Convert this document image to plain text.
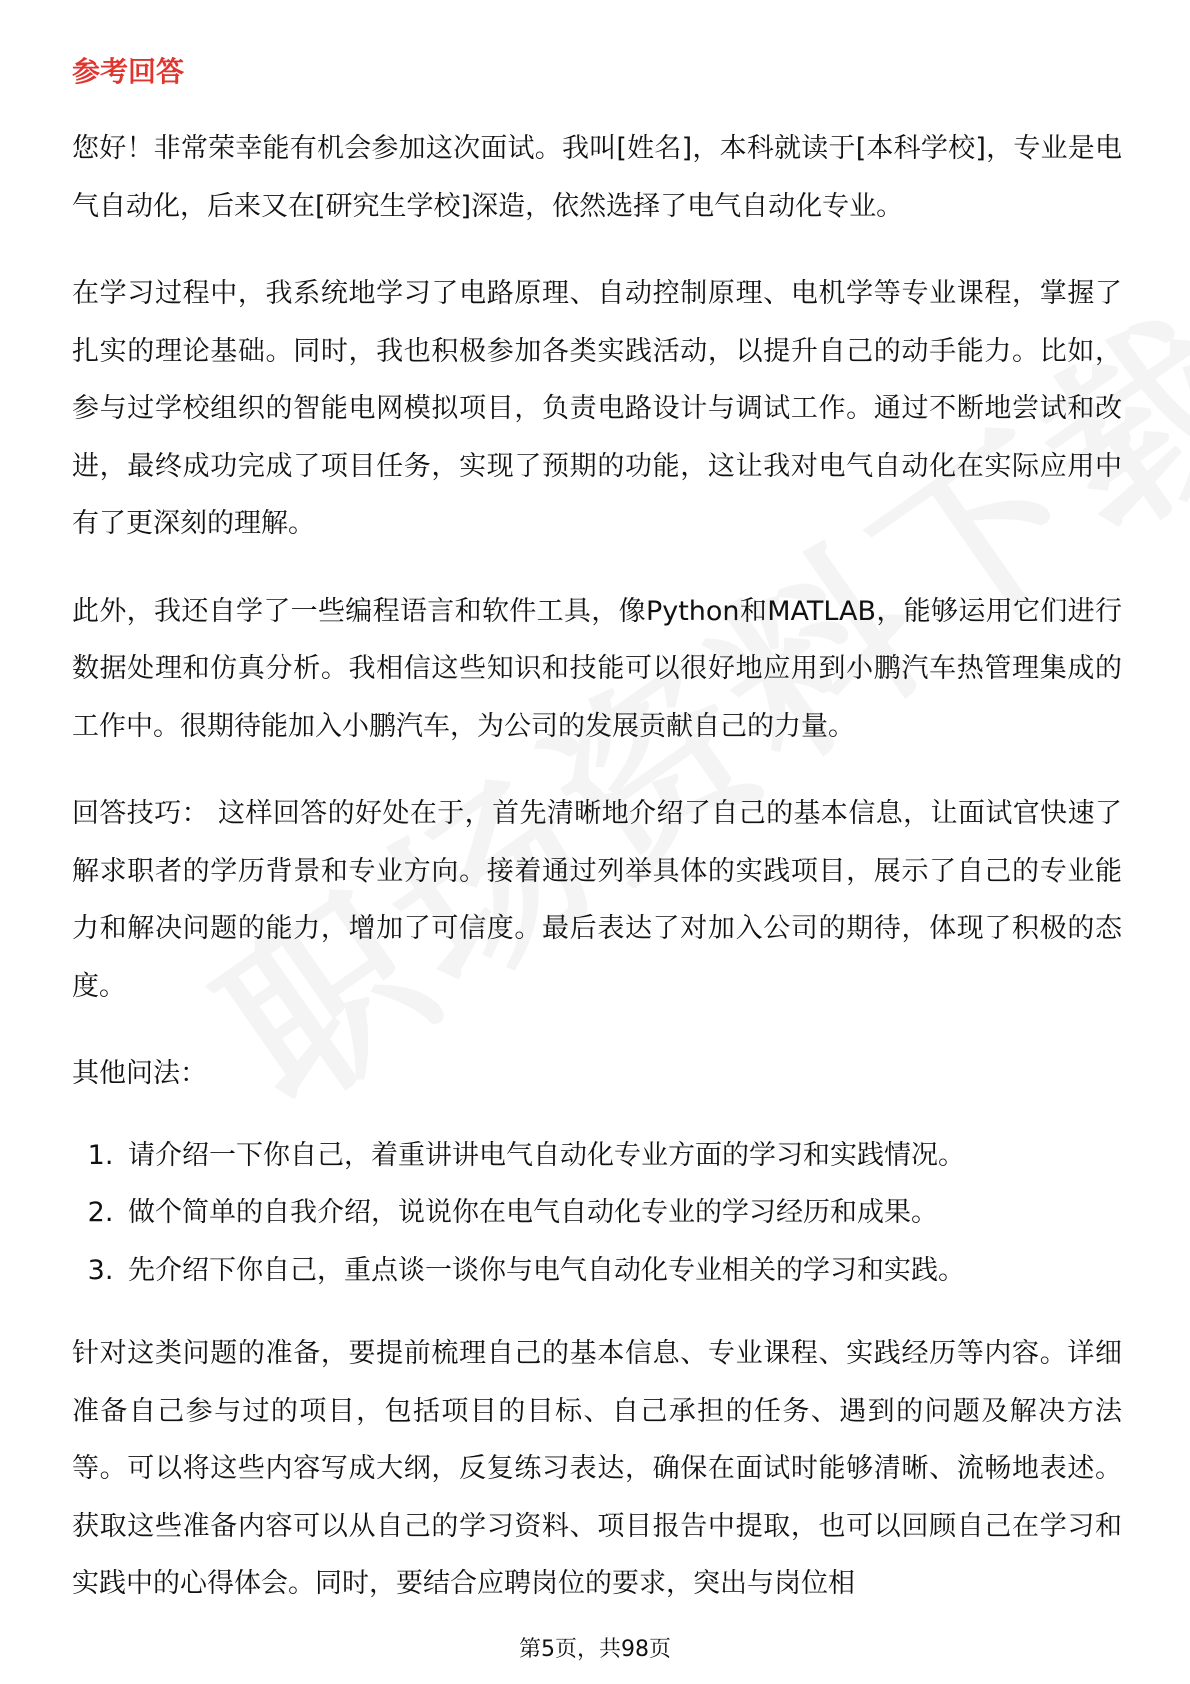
参考回答

您好！非常荣幸能有机会参加这次面试。我叫[姓名]，本科就读于[本科学校]，专业是电气自动化，后来又在[研究生学校]深造，依然选择了电气自动化专业。

在学习过程中，我系统地学习了电路原理、自动控制原理、电机学等专业课程，掌握了扎实的理论基础。同时，我也积极参加各类实践活动，以提升自己的动手能力。比如，参与过学校组织的智能电网模拟项目，负责电路设计与调试工作。通过不断地尝试和改进，最终成功完成了项目任务，实现了预期的功能，这让我对电气自动化在实际应用中有了更深刻的理解。

此外，我还自学了一些编程语言和软件工具，像Python和MATLAB，能够运用它们进行数据处理和仿真分析。我相信这些知识和技能可以很好地应用到小鹏汽车热管理集成的工作中。很期待能加入小鹏汽车，为公司的发展贡献自己的力量。

回答技巧： 这样回答的好处在于，首先清晰地介绍了自己的基本信息，让面试官快速了解求职者的学历背景和专业方向。接着通过列举具体的实践项目，展示了自己的专业能力和解决问题的能力，增加了可信度。最后表达了对加入公司的期待，体现了积极的态度。

其他问法：
1. 请介绍一下你自己，着重讲讲电气自动化专业方面的学习和实践情况。
2. 做个简单的自我介绍，说说你在电气自动化专业的学习经历和成果。
3. 先介绍下你自己，重点谈一谈你与电气自动化专业相关的学习和实践。

针对这类问题的准备，要提前梳理自己的基本信息、专业课程、实践经历等内容。详细准备自己参与过的项目，包括项目的目标、自己承担的任务、遇到的问题及解决方法等。可以将这些内容写成大纲，反复练习表达，确保在面试时能够清晰、流畅地表述。获取这些准备内容可以从自己的学习资料、项目报告中提取，也可以回顾自己在学习和实践中的心得体会。同时，要结合应聘岗位的要求，突出与岗位相

第5页，共98页
